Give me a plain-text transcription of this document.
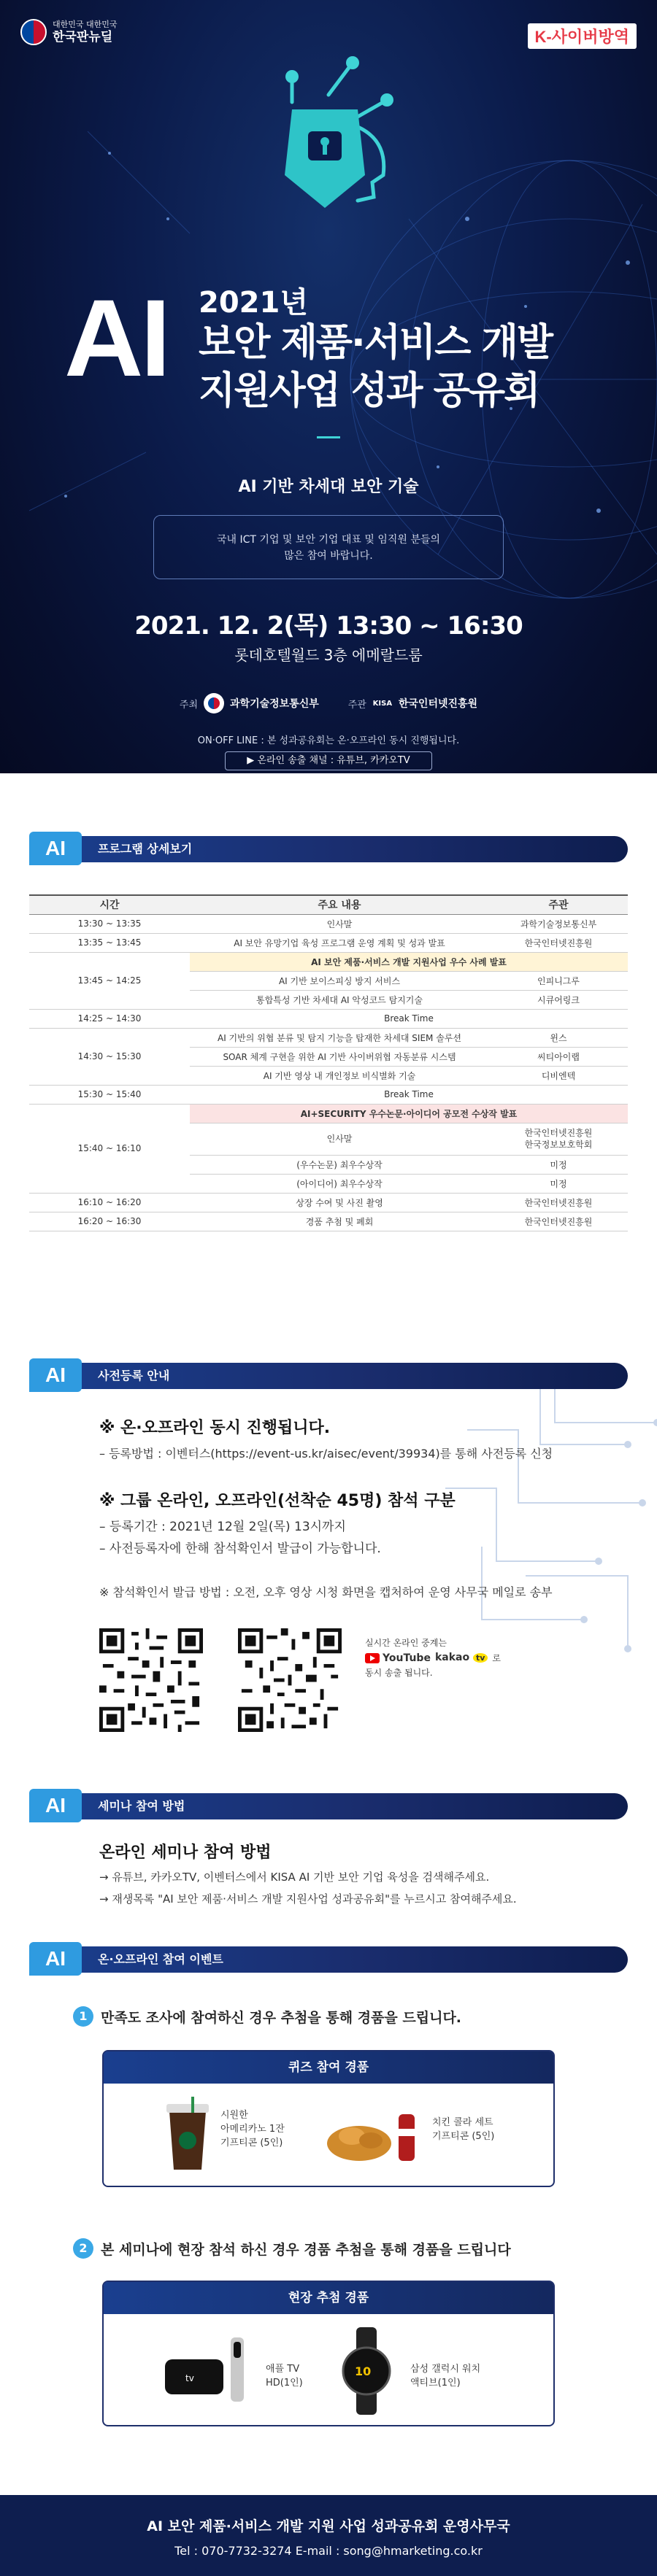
대한민국 대한민국
한국판뉴딜	K-사이버방역
AI 2021년
보안 제품·서비스 개발
지원사업 성과 공유회
AI 기반 차세대 보안 기술
국내 ICT 기업 및 보안 기업 대표 및 임직원 분들의
많은 참여 바랍니다.
2021. 12. 2(목) 13:30 ~ 16:30
롯데호텔월드 3층 에메랄드룸
주최	과학기술정보통신부	주관 KISA 한국인터넷진흥원
ON·OFF LINE : 본 성과공유회는 온·오프라인 동시 진행됩니다.
▶ 온라인 송출 채널 : 유튜브, 카카오TV
AI	프로그램 상세보기
시간	주요 내용	주관
13:30 ~ 13:35	인사말	과학기술정보통신부
13:35 ~ 13:45	AI 보안 유망기업 육성 프로그램 운영 계획 및 성과 발표	한국인터넷진흥원
13:45 ~ 14:25	AI 보안 제품·서비스 개발 지원사업 우수 사례 발표	
	AI 기반 보이스피싱 방지 서비스	인피니그루
	통합특성 기반 차세대 AI 악성코드 탐지기술	시큐어링크
14:25 ~ 14:30	Break Time	
14:30 ~ 15:30	AI 기반의 위협 분류 및 탐지 기능을 탑재한 차세대 SIEM 솔루션	윈스
	SOAR 체계 구현을 위한 AI 기반 사이버위협 자동분류 시스템	씨티아이랩
	AI 기반 영상 내 개인정보 비식별화 기술	디비엔텍
15:30 ~ 15:40	Break Time	
15:40 ~ 16:10	AI+SECURITY 우수논문·아이디어 공모전 수상작 발표	
	인사말	한국인터넷진흥원
한국정보보호학회

	(우수논문) 최우수상작	미정
	(아이디어) 최우수상작	미정
16:10 ~ 16:20	상장 수여 및 사진 촬영	한국인터넷진흥원
16:20 ~ 16:30	경품 추첨 및 폐회	한국인터넷진흥원
AI	사전등록 안내
※ 온·오프라인 동시 진행됩니다.
– 등록방법 : 이벤터스(https://event-us.kr/aisec/event/39934)를 통해 사전등록 신청
※ 그룹 온라인, 오프라인(선착순 45명) 참석 구분
– 등록기간 : 2021년 12월 2일(목) 13시까지
– 사전등록자에 한해 참석확인서 발급이 가능합니다.
※ 참석확인서 발급 방법 : 오전, 오후 영상 시청 화면을 캡처하여 운영 사무국 메일로 송부
실시간 온라인 중계는
YouTube kakao tv 로
동시 송출 됩니다.
AI	세미나 참여 방법
온라인 세미나 참여 방법
→ 유튜브, 카카오TV, 이벤터스에서 KISA AI 기반 보안 기업 육성을 검색해주세요.
→ 재생목록 "AI 보안 제품·서비스 개발 지원사업 성과공유회"를 누르시고 참여해주세요.
AI	온·오프라인 참여 이벤트
1 만족도 조사에 참여하신 경우 추첨을 통해 경품을 드립니다.
퀴즈 참여 경품
시원한
아메리카노 1잔
기프티콘 (5인)
치킨 콜라 세트
기프티콘 (5인)
2 본 세미나에 현장 참석 하신 경우 경품 추첨을 통해 경품을 드립니다
현장 추첨 경품
tv
애플 TV
HD(1인)
10	삼성 갤럭시 워치
액티브(1인)
AI 보안 제품·서비스 개발 지원 사업 성과공유회 운영사무국
Tel : 070-7732-3274 E-mail : song@hmarketing.co.kr
